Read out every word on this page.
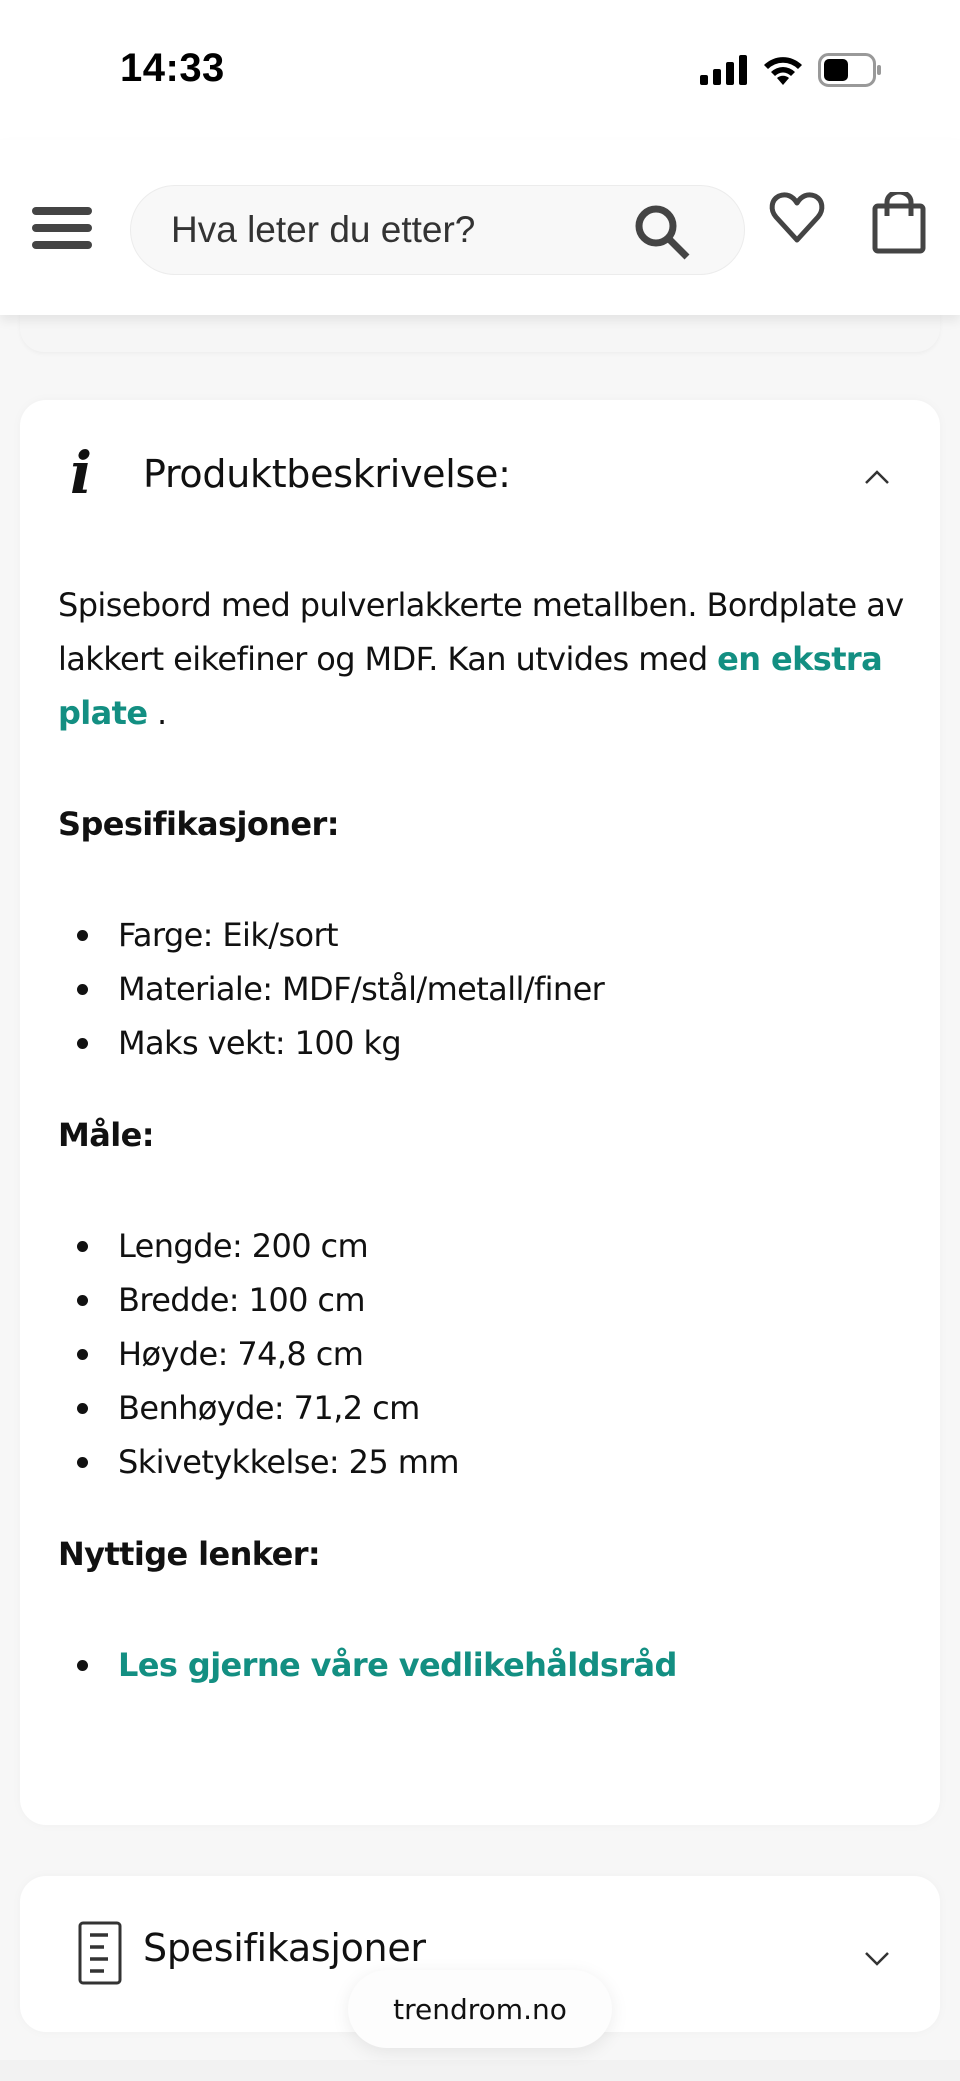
14:33
Hva leter du etter?
i Produktbeskrivelse:

Spisebord med pulverlakkerte metallben. Bordplate av lakkert eikefiner og MDF. Kan utvides med en ekstra plate .

Spesifikasjoner:
Farge: Eik/sort
Materiale: MDF/stål/metall/finer
Maks vekt: 100 kg
Måle:
Lengde: 200 cm
Bredde: 100 cm
Høyde: 74,8 cm
Benhøyde: 71,2 cm
Skivetykkelse: 25 mm
Nyttige lenker:
Les gjerne våre vedlikehåldsråd
Spesifikasjoner
trendrom.no
